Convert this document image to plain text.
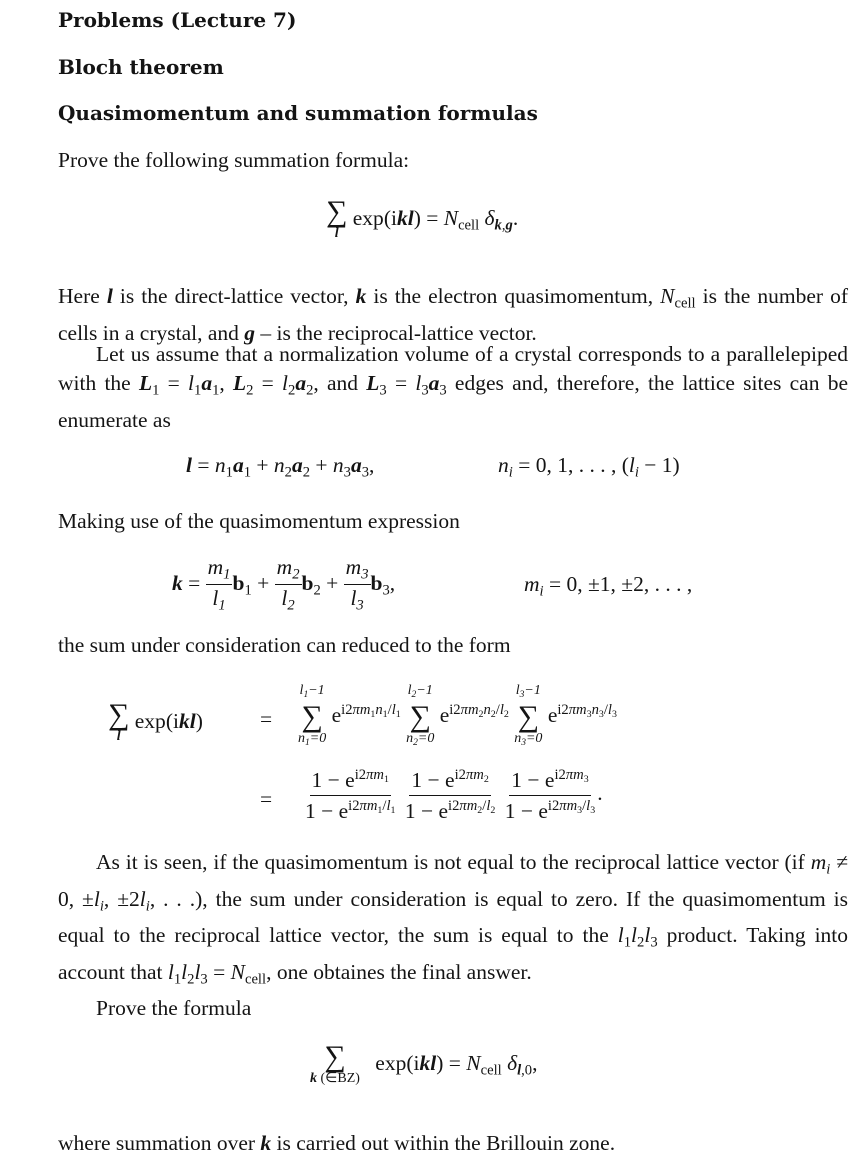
Problems (Lecture 7)
Bloch theorem
Quasimomentum and summation formulas

Prove the following summation formula:

∑
l
$\exp(ikl) = N_{cell}$ $\delta_{k,g}$.

Here l is the direct-lattice vector, k is the electron quasimomentum, $N_{cell}$ is the number of cells in a crystal, and g – is the reciprocal-lattice vector.

Let us assume that a normalization volume of a crystal corresponds to a parallelepiped with the $L_1 = l_1a_1$, $L_2 = l_2a_2$, and $L_3 = l_3a_3$ edges and, therefore, the lattice sites can be enumerate as

$l = n_1a_1 + n_2a_2 + n_3a_3$,	$n_i = 0$, 1, . . . , $(l_i - 1)$

Making use of the quasimomentum expression

$k = \frac{m_1}{l_1} b_1 + \frac{m_2}{l_2} b_2 + \frac{m_3}{l_3} b_3$,	$m_i = 0$, ±1, ±2, . . . ,

the sum under consideration can reduced to the form

∑
l
exp(ikl)	=
$l_1-1$
∑
$n_1=0$
$e^{i2\pi m_1n_1/l_1}$
$l_2-1$
∑
$n_2=0$
$e^{i2\pi m_2n_2/l_2}$
$l_3-1$
∑
$n_3=0$
$e^{i2\pi m_3n_3/l_3}$
= $\frac{1 - e^{i2\pi m_1}}{1 - e^{i2\pi m_1/l_1}}$
$\frac{1 - e^{i2\pi m_2}}{1 - e^{i2\pi m_2/l_2}}$
$\frac{1 - e^{i2\pi m_3}}{1 - e^{i2\pi m_3/l_3}}$ .

As it is seen, if the quasimomentum is not equal to the reciprocal lattice vector (if $m_i \ne 0$, $\pm l_i$, $\pm 2l_i$, . . .), the sum under consideration is equal to zero. If the quasimomentum is equal to the reciprocal lattice vector, the sum is equal to the $l_1l_2l_3$ product. Taking into account that $l_1l_2l_3 = N_{cell}$, one obtaines the final answer.

Prove the formula

∑
k (∈BZ)
$\exp(ikl) = N_{cell}$ $\delta_{l,0}$,

where summation over k is carried out within the Brillouin zone.
